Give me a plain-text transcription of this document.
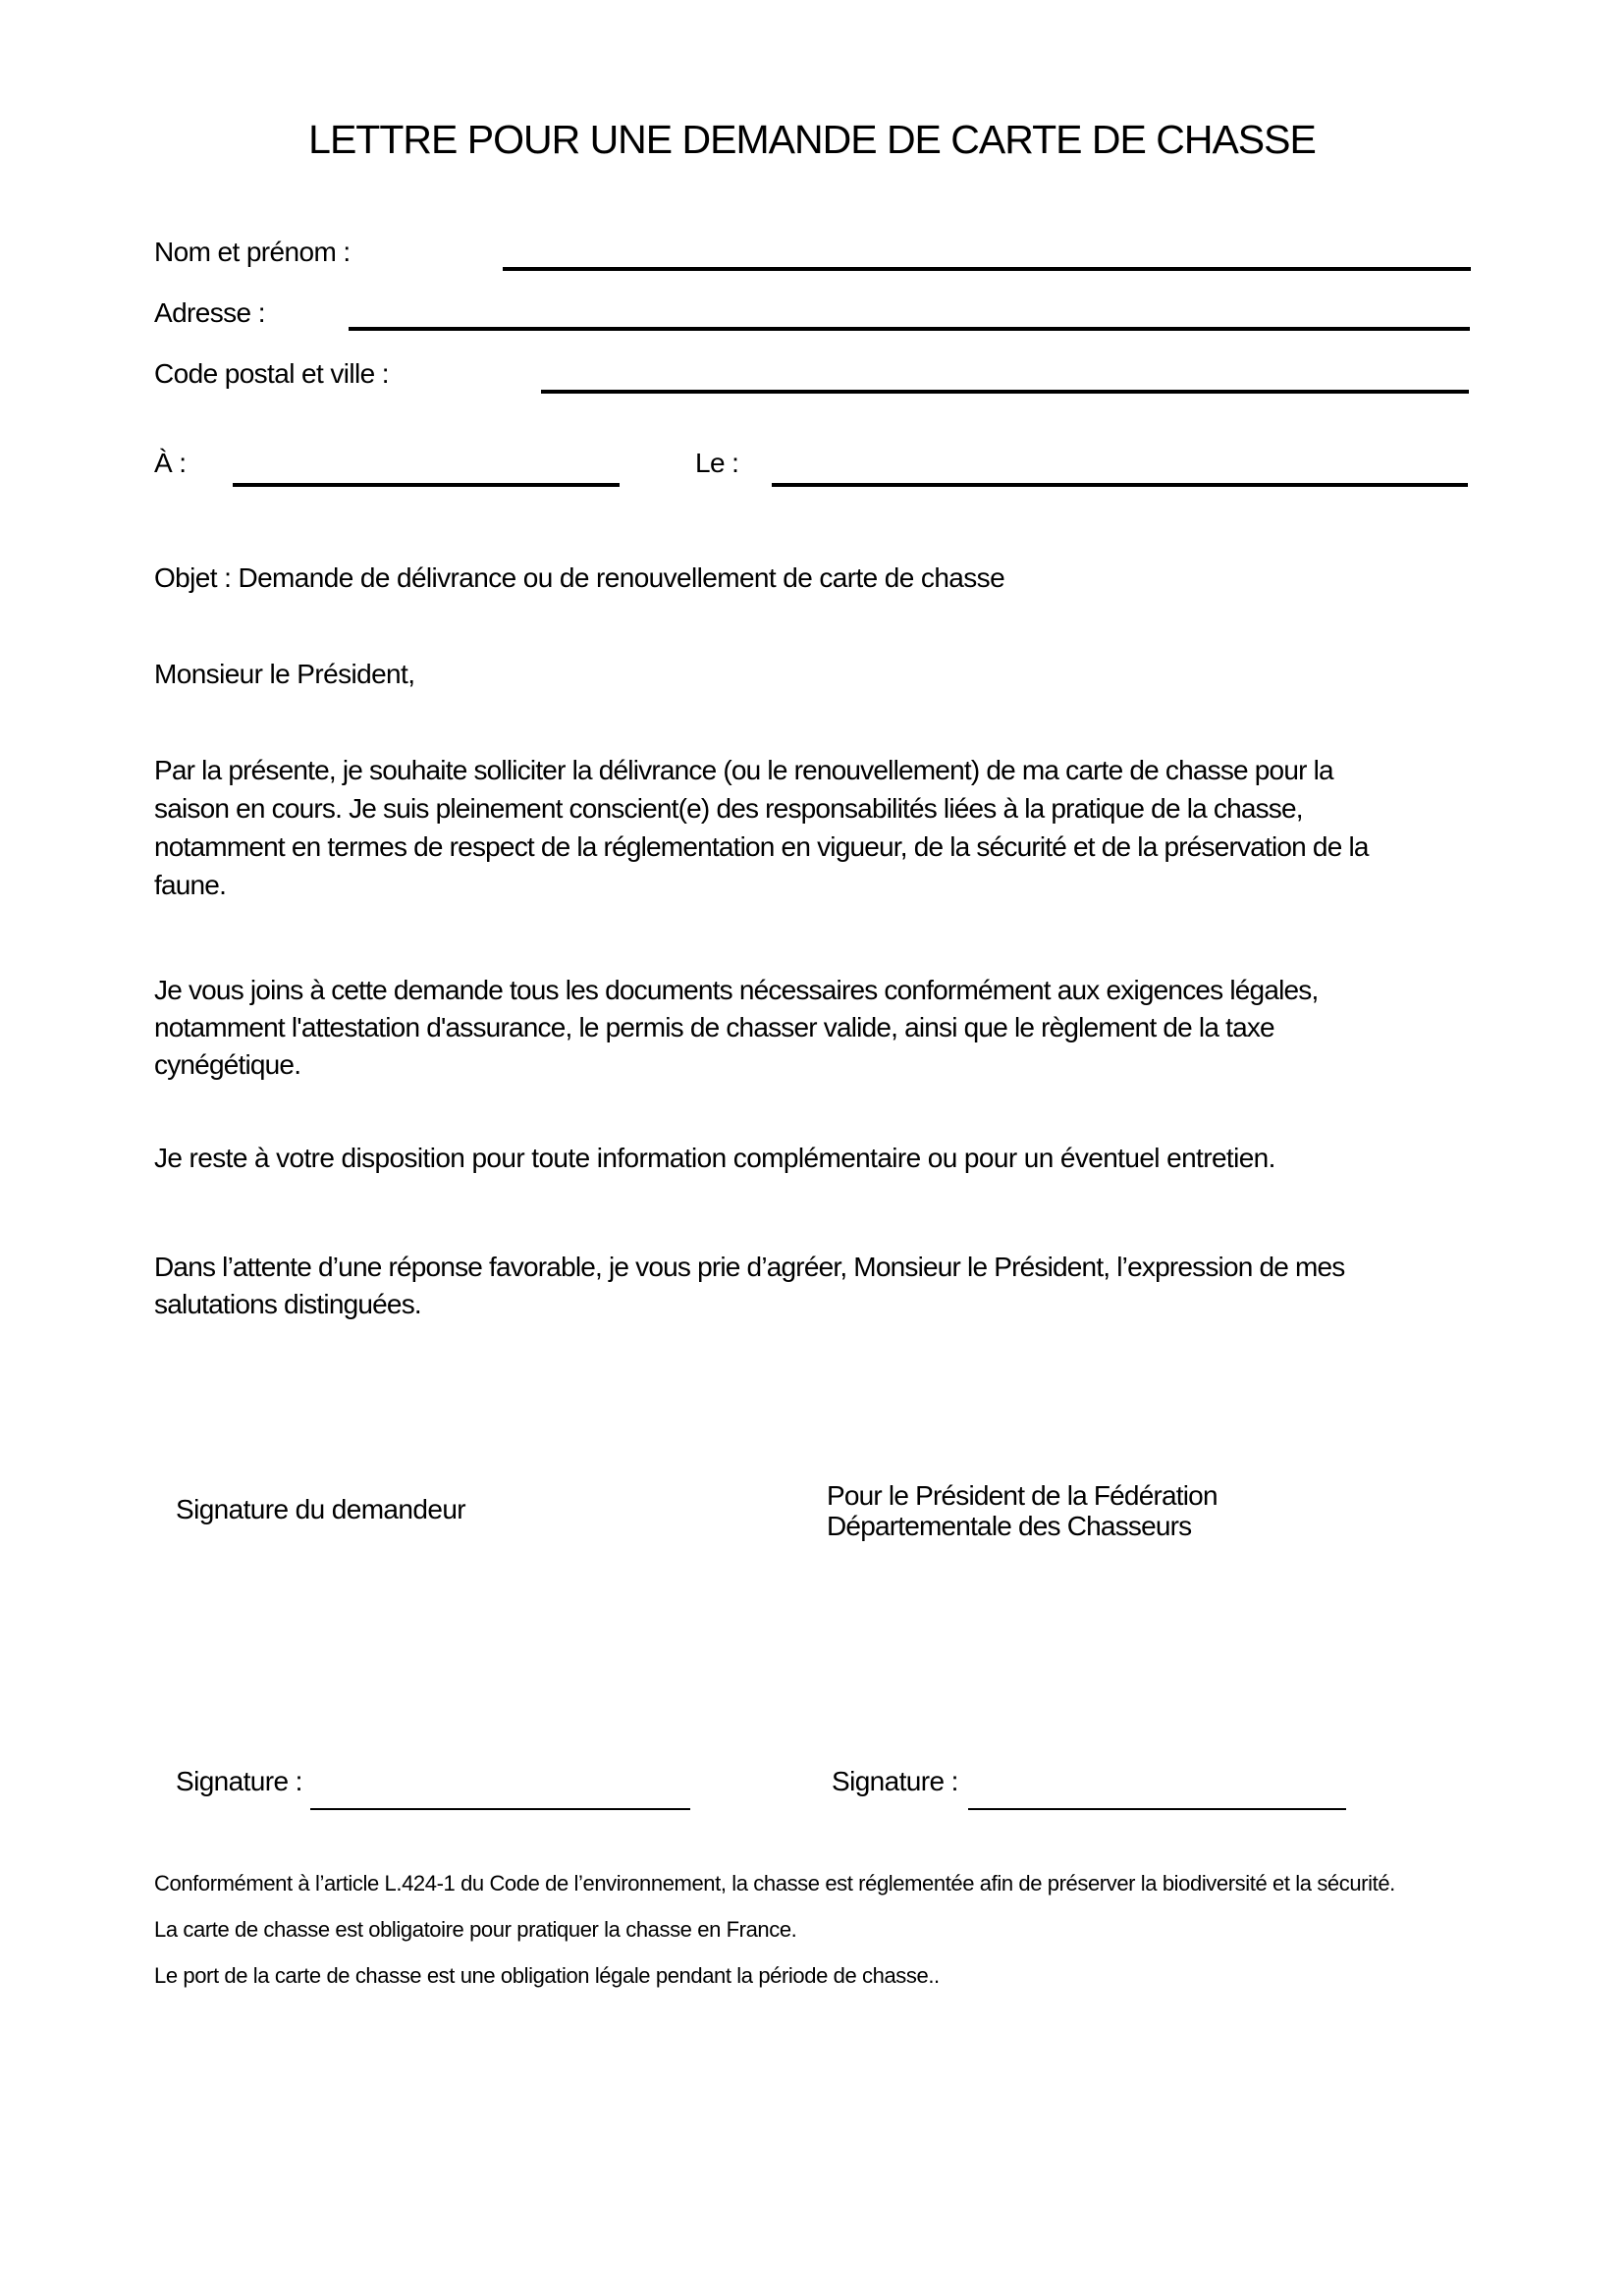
LETTRE POUR UNE DEMANDE DE CARTE DE CHASSE
Nom et prénom :
Adresse :
Code postal et ville :
À :	Le :
Objet : Demande de délivrance ou de renouvellement de carte de chasse
Monsieur le Président,
Par la présente, je souhaite solliciter la délivrance (ou le renouvellement) de ma carte de chasse pour la
saison en cours. Je suis pleinement conscient(e) des responsabilités liées à la pratique de la chasse,
notamment en termes de respect de la réglementation en vigueur, de la sécurité et de la préservation de la
faune.
Je vous joins à cette demande tous les documents nécessaires conformément aux exigences légales,
notamment l'attestation d'assurance, le permis de chasser valide, ainsi que le règlement de la taxe
cynégétique.
Je reste à votre disposition pour toute information complémentaire ou pour un éventuel entretien.
Dans l’attente d’une réponse favorable, je vous prie d’agréer, Monsieur le Président, l’expression de mes
salutations distinguées.
Signature du demandeur	Pour le Président de la Fédération
Départementale des Chasseurs
Signature :	Signature :
Conformément à l’article L.424-1 du Code de l’environnement, la chasse est réglementée afin de préserver la biodiversité et la sécurité.
La carte de chasse est obligatoire pour pratiquer la chasse en France.
Le port de la carte de chasse est une obligation légale pendant la période de chasse..
